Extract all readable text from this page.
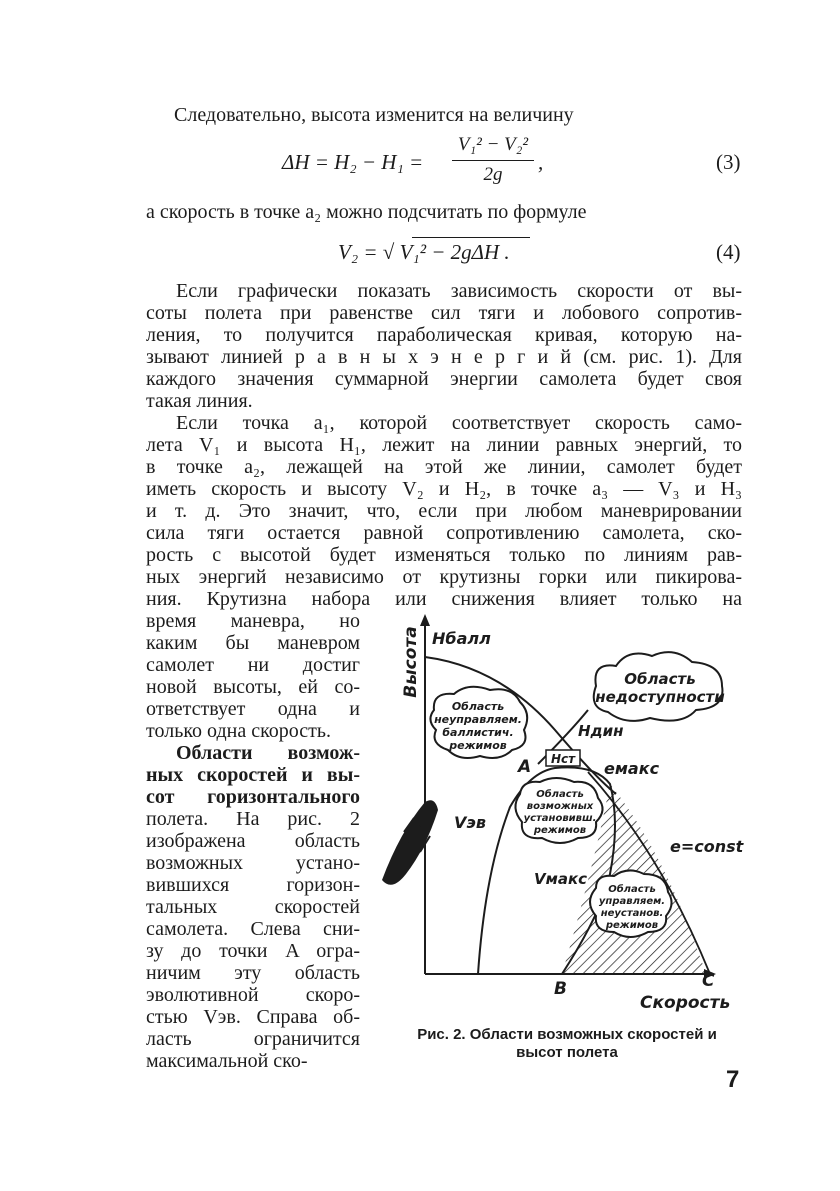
Следовательно, высота изменится на величину
ΔH = H₂ − H₁ =
V₁² − V₂²
2g
,	(3)
а скорость в точке a₂ можно подсчитать по формуле
V₂ = √ V₁² − 2gΔH .	(4)
Если графически показать зависимость скорости от вы-
соты полета при равенстве сил тяги и лобового сопротив-
ления, то получится параболическая кривая, которую на-
зывают линией р а в н ы х э н е р г и й (см. рис. 1). Для
каждого значения суммарной энергии самолета будет своя
такая линия.
Если точка a₁, которой соответствует скорость само-
лета V₁ и высота H₁, лежит на линии равных энергий, то
в точке a₂, лежащей на этой же линии, самолет будет
иметь скорость и высоту V₂ и H₂, в точке a₃ — V₃ и H₃
и т. д. Это значит, что, если при любом маневрировании
сила тяги остается равной сопротивлению самолета, ско-
рость с высотой будет изменяться только по линиям рав-
ных энергий независимо от крутизны горки или пикирова-
ния. Крутизна набора или снижения влияет только на
время маневра, но
каким бы маневром
самолет ни достиг
новой высоты, ей со-
ответствует одна и
только одна скорость.
Области возмож-
ных скоростей и вы-
сот горизонтального
полета. На рис. 2
изображена область
возможных устано-
вившихся горизон-
тальных скоростей
самолета. Слева сни-
зу до точки A огра-
ничим эту область
эволютивной скоро-
стью Vэв. Справа об-
ласть ограничится
максимальной ско-
Область
недоступности
Область
неуправляем.
баллистич.
режимов
Область
возможных
установивш.
режимов
Область
управляем.
неустанов.
режимов
Hст
Высота Hбалл
Hдин
A	eмакс
Vэв
e=const
Vмакс
B	C
Скорость
Рис. 2. Области возможных скоростей и
высот полета
7
